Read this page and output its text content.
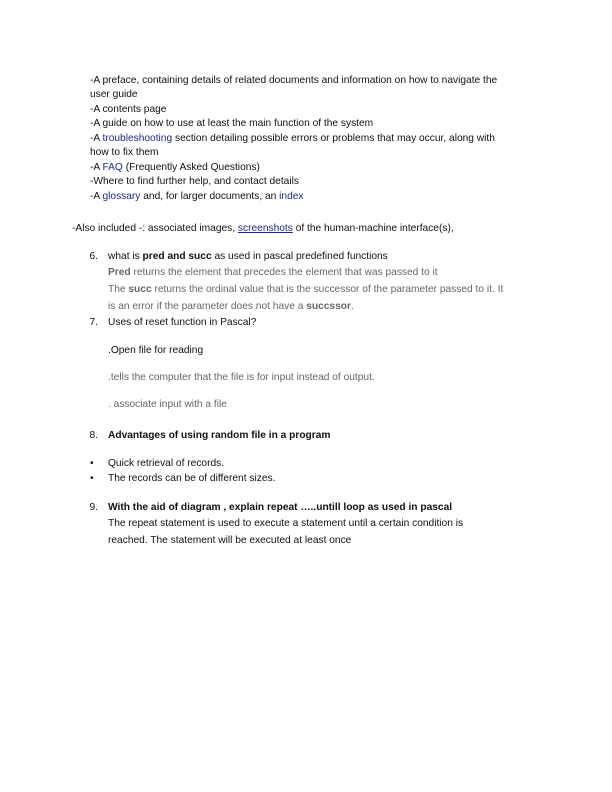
-A preface, containing details of related documents and information on how to navigate the
user guide
-A contents page
-A guide on how to use at least the main function of the system
-A troubleshooting section detailing possible errors or problems that may occur, along with
how to fix them
-A FAQ (Frequently Asked Questions)
-Where to find further help, and contact details
-A glossary and, for larger documents, an index
-Also included -: associated images, screenshots of the human-machine interface(s),
6. what is pred and succ as used in pascal predefined functions
Pred returns the element that precedes the element that was passed to it
The succ returns the ordinal value that is the successor of the parameter passed to it. It
is an error if the parameter does not have a succssor.
7. Uses of reset function in Pascal?
.Open file for reading
.tells the computer that the file is for input instead of output.
. associate input with a file
8. Advantages of using random file in a program
• Quick retrieval of records.
• The records can be of different sizes.
9. With the aid of diagram , explain repeat …..untill loop as used in pascal
The repeat statement is used to execute a statement until a certain condition is
reached. The statement will be executed at least once
